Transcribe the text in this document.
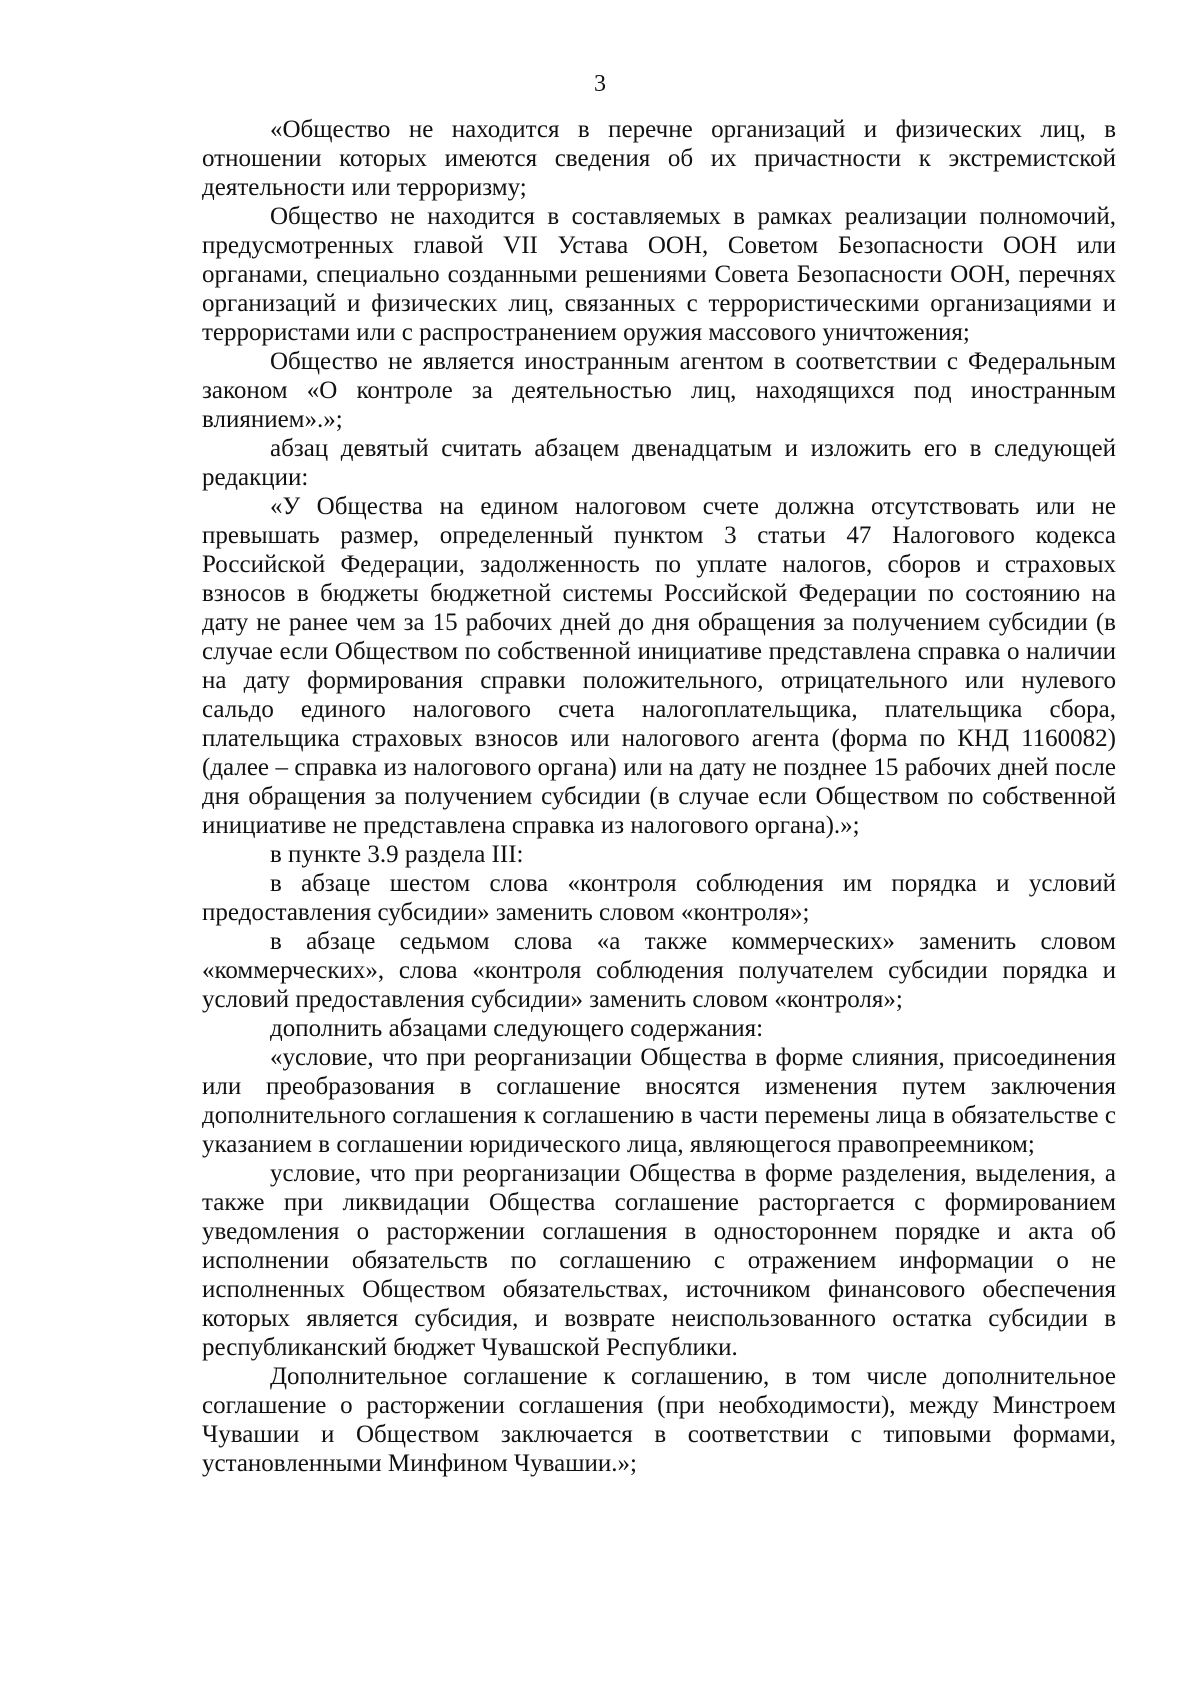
3

«Общество не находится в перечне организаций и физических лиц, в отношении которых имеются сведения об их причастности к экстремистской деятельности или терроризму;

Общество не находится в составляемых в рамках реализации полномочий, предусмотренных главой VII Устава ООН, Советом Безопасности ООН или органами, специально созданными решениями Совета Безопасности ООН, перечнях организаций и физических лиц, связанных с террористическими организациями и террористами или с распространением оружия массового уничтожения;

Общество не является иностранным агентом в соответствии с Федеральным законом «О контроле за деятельностью лиц, находящихся под иностранным влиянием».»;

абзац девятый считать абзацем двенадцатым и изложить его в следующей редакции:

«У Общества на едином налоговом счете должна отсутствовать или не превышать размер, определенный пунктом 3 статьи 47 Налогового кодекса Российской Федерации, задолженность по уплате налогов, сборов и страховых взносов в бюджеты бюджетной системы Российской Федерации по состоянию на дату не ранее чем за 15 рабочих дней до дня обращения за получением субсидии (в случае если Обществом по собственной инициативе представлена справка о наличии на дату формирования справки положительного, отрицательного или нулевого сальдо единого налогового счета налогоплательщика, плательщика сбора, плательщика страховых взносов или налогового агента (форма по КНД 1160082) (далее – справка из налогового органа) или на дату не позднее 15 рабочих дней после дня обращения за получением субсидии (в случае если Обществом по собственной инициативе не представлена справка из налогового органа).»;

в пункте 3.9 раздела III:

в абзаце шестом слова «контроля соблюдения им порядка и условий предоставления субсидии» заменить словом «контроля»;

в абзаце седьмом слова «а также коммерческих» заменить словом «коммерческих», слова «контроля соблюдения получателем субсидии порядка и условий предоставления субсидии» заменить словом «контроля»;

дополнить абзацами следующего содержания:

«условие, что при реорганизации Общества в форме слияния, присоединения или преобразования в соглашение вносятся изменения путем заключения дополнительного соглашения к соглашению в части перемены лица в обязательстве с указанием в соглашении юридического лица, являющегося правопреемником;

условие, что при реорганизации Общества в форме разделения, выделения, а также при ликвидации Общества соглашение расторгается с формированием уведомления о расторжении соглашения в одностороннем порядке и акта об исполнении обязательств по соглашению с отражением информации о не исполненных Обществом обязательствах, источником финансового обеспечения которых является субсидия, и возврате неиспользованного остатка субсидии в республиканский бюджет Чувашской Республики.

Дополнительное соглашение к соглашению, в том числе дополнительное соглашение о расторжении соглашения (при необходимости), между Минстроем Чувашии и Обществом заключается в соответствии с типовыми формами, установленными Минфином Чувашии.»;
